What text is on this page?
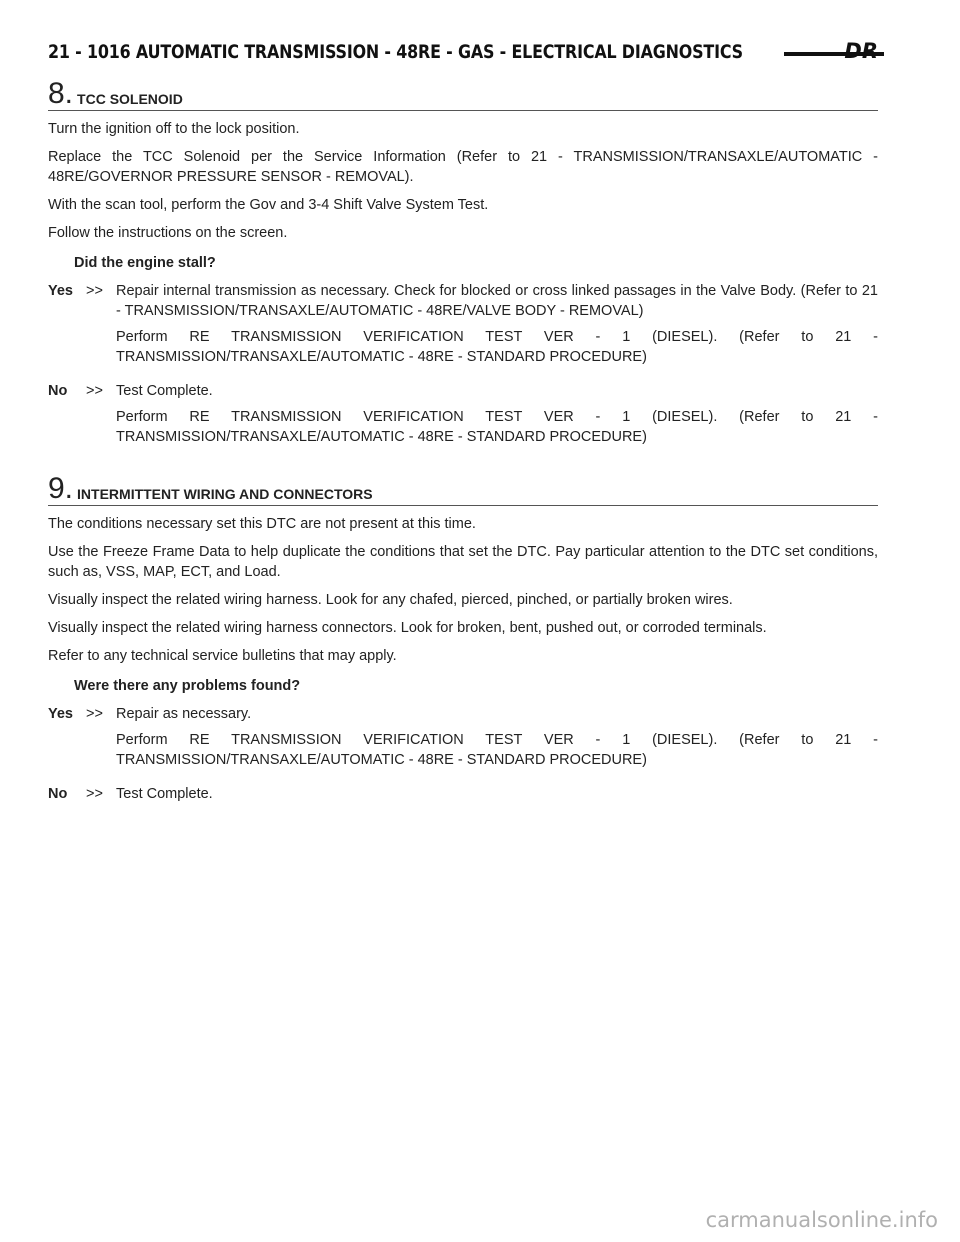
21 - 1016 AUTOMATIC TRANSMISSION - 48RE - GAS - ELECTRICAL DIAGNOSTICS	DR
8. TCC SOLENOID

Turn the ignition off to the lock position.

Replace the TCC Solenoid per the Service Information (Refer to 21 - TRANSMISSION/TRANSAXLE/AUTOMATIC - 48RE/GOVERNOR PRESSURE SENSOR - REMOVAL).

With the scan tool, perform the Gov and 3-4 Shift Valve System Test.

Follow the instructions on the screen.

Did the engine stall?
Yes >> Repair internal transmission as necessary. Check for blocked or cross linked passages in the Valve Body. (Refer to 21 - TRANSMISSION/TRANSAXLE/AUTOMATIC - 48RE/VALVE BODY - REMOVAL)

Perform RE TRANSMISSION VERIFICATION TEST VER - 1 (DIESEL). (Refer to 21 - TRANSMISSION/TRANSAXLE/AUTOMATIC - 48RE - STANDARD PROCEDURE)

No	>> Test Complete.

Perform RE TRANSMISSION VERIFICATION TEST VER - 1 (DIESEL). (Refer to 21 - TRANSMISSION/TRANSAXLE/AUTOMATIC - 48RE - STANDARD PROCEDURE)

9. INTERMITTENT WIRING AND CONNECTORS

The conditions necessary set this DTC are not present at this time.

Use the Freeze Frame Data to help duplicate the conditions that set the DTC. Pay particular attention to the DTC set conditions, such as, VSS, MAP, ECT, and Load.

Visually inspect the related wiring harness. Look for any chafed, pierced, pinched, or partially broken wires.

Visually inspect the related wiring harness connectors. Look for broken, bent, pushed out, or corroded terminals.

Refer to any technical service bulletins that may apply.

Were there any problems found?
Yes >> Repair as necessary.

Perform RE TRANSMISSION VERIFICATION TEST VER - 1 (DIESEL). (Refer to 21 - TRANSMISSION/TRANSAXLE/AUTOMATIC - 48RE - STANDARD PROCEDURE)

No	>> Test Complete.

carmanualsonline.info
